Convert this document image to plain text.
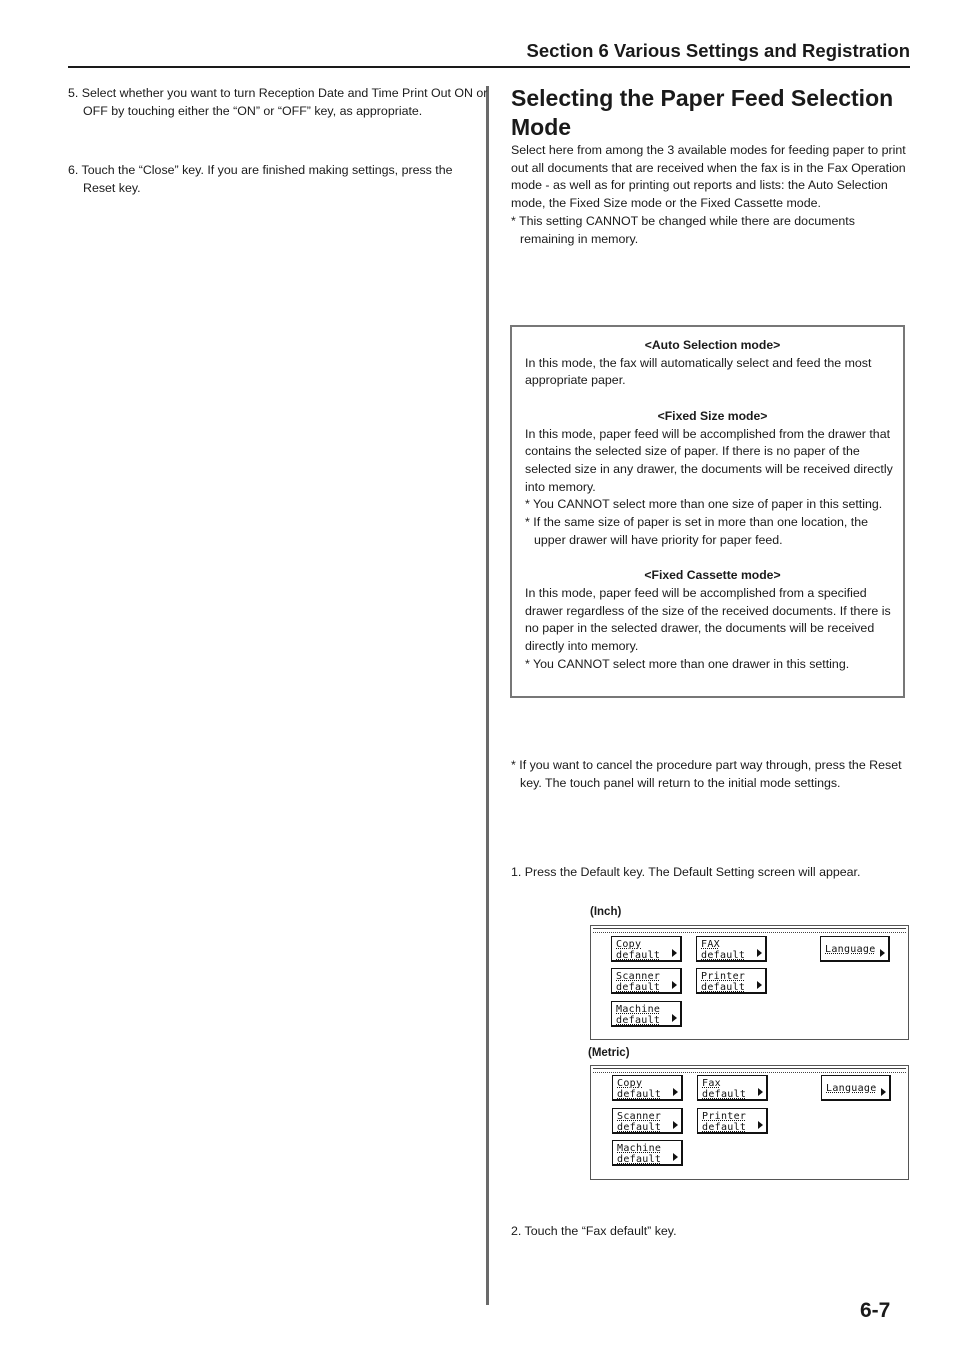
Section 6 Various Settings and Registration
5. Select whether you want to turn Reception Date and Time Print Out ON or OFF by touching either the “ON” or “OFF” key, as appropriate.
6. Touch the “Close” key. If you are finished making settings, press the Reset key.
Selecting the Paper Feed Selection Mode
Select here from among the 3 available modes for feeding paper to print out all documents that are received when the fax is in the Fax Operation mode - as well as for printing out reports and lists: the Auto Selection mode, the Fixed Size mode or the Fixed Cassette mode.
* This setting CANNOT be changed while there are documents remaining in memory.
<Auto Selection mode>
In this mode, the fax will automatically select and feed the most appropriate paper.
<Fixed Size mode>
In this mode, paper feed will be accomplished from the drawer that contains the selected size of paper. If there is no paper of the selected size in any drawer, the documents will be received directly into memory.
* You CANNOT select more than one size of paper in this setting.
* If the same size of paper is set in more than one location, the upper drawer will have priority for paper feed.
<Fixed Cassette mode>
In this mode, paper feed will be accomplished from a specified drawer regardless of the size of the received documents. If there is no paper in the selected drawer, the documents will be received directly into memory.
* You CANNOT select more than one drawer in this setting.
* If you want to cancel the procedure part way through, press the Reset key. The touch panel will return to the initial mode settings.
1. Press the Default key. The Default Setting screen will appear.
(Inch)
Copy
default
FAX
default
Language
Scanner
default
Printer
default
Machine
default
(Metric)
Copy
default
Fax
default
Language
Scanner
default
Printer
default
Machine
default
2. Touch the “Fax default” key.
6-7
